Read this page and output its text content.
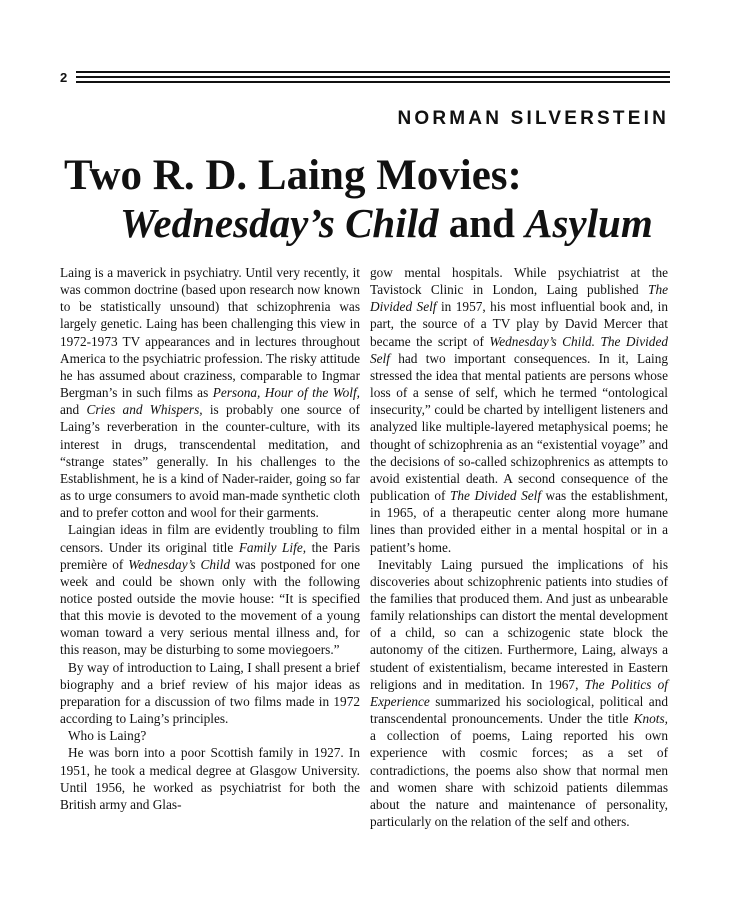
2
NORMAN SILVERSTEIN
Two R. D. Laing Movies:
Wednesday’s Child and Asylum

Laing is a maverick in psychiatry. Until very recently, it was common doctrine (based upon research now known to be statistically unsound) that schizophrenia was largely genetic. Laing has been challenging this view in 1972-1973 TV appearances and in lectures throughout America to the psychiatric profession. The risky attitude he has assumed about craziness, comparable to Ingmar Bergman’s in such films as Persona, Hour of the Wolf, and Cries and Whispers, is probably one source of Laing’s reverberation in the counter-culture, with its interest in drugs, transcendental meditation, and “strange states” generally. In his challenges to the Establishment, he is a kind of Nader-raider, going so far as to urge consumers to avoid man-made synthetic cloth and to prefer cotton and wool for their garments.

Laingian ideas in film are evidently troubling to film censors. Under its original title Family Life, the Paris première of Wednesday’s Child was postponed for one week and could be shown only with the following notice posted outside the movie house: “It is specified that this movie is devoted to the movement of a young woman toward a very serious mental illness and, for this reason, may be disturbing to some moviegoers.”

By way of introduction to Laing, I shall present a brief biography and a brief review of his major ideas as preparation for a discussion of two films made in 1972 according to Laing’s principles.

Who is Laing?

He was born into a poor Scottish family in 1927. In 1951, he took a medical degree at Glasgow University. Until 1956, he worked as psychiatrist for both the British army and Glas-

gow mental hospitals. While psychiatrist at the Tavistock Clinic in London, Laing published The Divided Self in 1957, his most influential book and, in part, the source of a TV play by David Mercer that became the script of Wednesday’s Child. The Divided Self had two important consequences. In it, Laing stressed the idea that mental patients are persons whose loss of a sense of self, which he termed “ontological insecurity,” could be charted by intelligent listeners and analyzed like multiple-layered metaphysical poems; he thought of schizophrenia as an “existential voyage” and the decisions of so-called schizophrenics as attempts to avoid existential death. A second consequence of the publication of The Divided Self was the establishment, in 1965, of a therapeutic center along more humane lines than provided either in a mental hospital or in a patient’s home.

Inevitably Laing pursued the implications of his discoveries about schizophrenic patients into studies of the families that produced them. And just as unbearable family relationships can distort the mental development of a child, so can a schizogenic state block the autonomy of the citizen. Furthermore, Laing, always a student of existentialism, became interested in Eastern religions and in meditation. In 1967, The Politics of Experience summarized his sociological, political and transcendental pronouncements. Under the title Knots, a collection of poems, Laing reported his own experience with cosmic forces; as a set of contradictions, the poems also show that normal men and women share with schizoid patients dilemmas about the nature and maintenance of personality, particularly on the relation of the self and others.
